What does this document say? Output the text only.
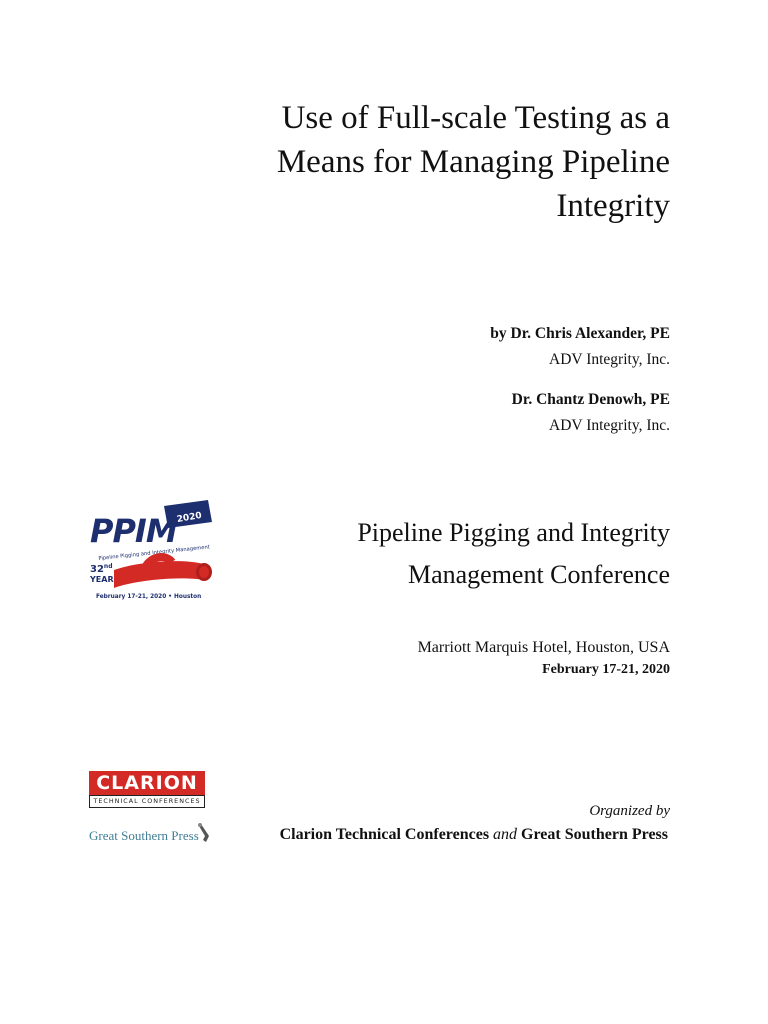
Use of Full-scale Testing as a
Means for Managing Pipeline
Integrity
by Dr. Chris Alexander, PE
ADV Integrity, Inc.
Dr. Chantz Denowh, PE
ADV Integrity, Inc.
2020
PPIM
Pipeline Pigging and Integrity Management
32nd
YEAR
February 17-21, 2020 • Houston
Pipeline Pigging and Integrity
Management Conference
Marriott Marquis Hotel, Houston, USA
February 17-21, 2020
CLARION
TECHNICAL CONFERENCES
Great Southern Press
Organized by
Clarion Technical Conferences and Great Southern Press
